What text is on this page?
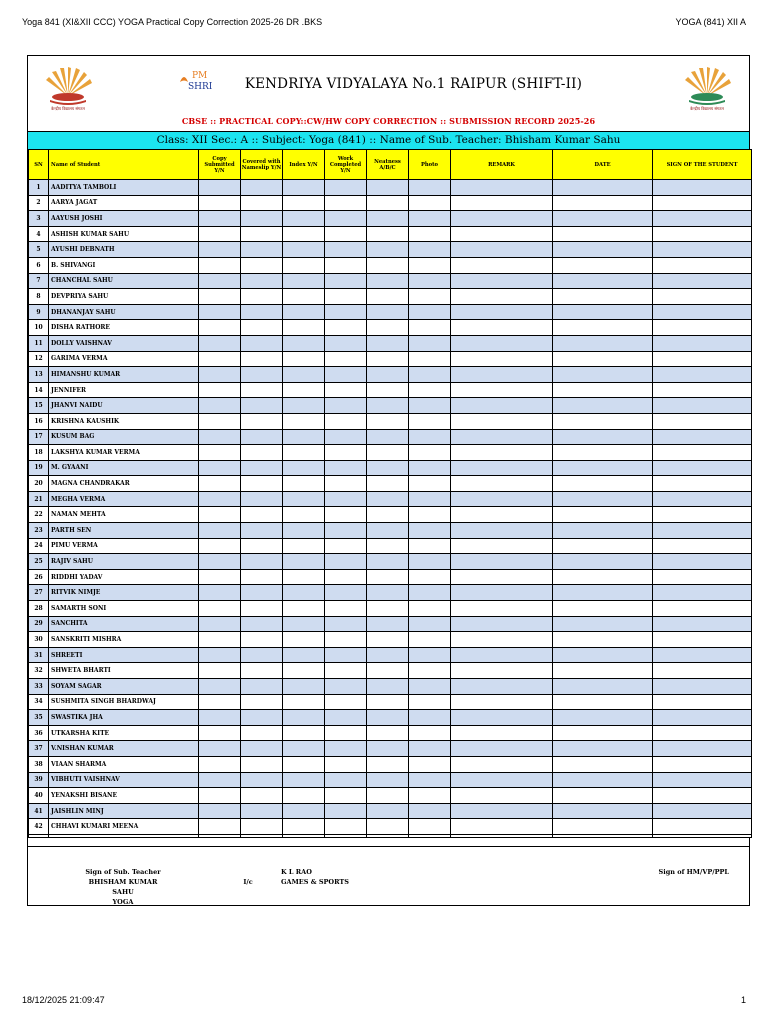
Yoga 841 (XI&XII CCC) YOGA Practical Copy Correction 2025-26 DR .BKS	YOGA (841) XII A
केन्द्रीय विद्यालय संगठन
PM
SHRI	KENDRIYA VIDYALAYA No.1 RAIPUR (SHIFT-II)
केन्द्रीय विद्यालय संगठन
CBSE :: PRACTICAL COPY::CW/HW COPY CORRECTION :: SUBMISSION RECORD 2025-26
Class: XII Sec.: A :: Subject: Yoga (841) :: Name of Sub. Teacher: Bhisham Kumar Sahu
SN	Name of Student	Copy Submitted Y/N	Covered with Nameslip Y/N	Index Y/N	Work Completed Y/N	Neatness A/B/C	Photo	REMARK	DATE	SIGN OF THE STUDENT
1	AADITYA TAMBOLI									
2	AARYA JAGAT									
3	AAYUSH JOSHI									
4	ASHISH KUMAR SAHU									
5	AYUSHI DEBNATH									
6	B. SHIVANGI									
7	CHANCHAL SAHU									
8	DEVPRIYA SAHU									
9	DHANANJAY SAHU									
10	DISHA RATHORE									
11	DOLLY VAISHNAV									
12	GARIMA VERMA									
13	HIMANSHU KUMAR									
14	JENNIFER									
15	JHANVI NAIDU									
16	KRISHNA KAUSHIK									
17	KUSUM BAG									
18	LAKSHYA KUMAR VERMA									
19	M. GYAANI									
20	MAGNA CHANDRAKAR									
21	MEGHA VERMA									
22	NAMAN MEHTA									
23	PARTH SEN									
24	PIMU VERMA									
25	RAJIV SAHU									
26	RIDDHI YADAV									
27	RITVIK NIMJE									
28	SAMARTH SONI									
29	SANCHITA									
30	SANSKRITI MISHRA									
31	SHREETI									
32	SHWETA BHARTI									
33	SOYAM SAGAR									
34	SUSHMITA SINGH BHARDWAJ									
35	SWASTIKA JHA									
36	UTKARSHA KITE									
37	V.NISHAN KUMAR									
38	VIAAN SHARMA									
39	VIBHUTI VAISHNAV									
40	YENAKSHI BISANE									
41	JAISHLIN MINJ									
42	CHHAVI KUMARI MEENA									

Sign of Sub. Teacher
BHISHAM KUMAR SAHU
YOGA
I/c
K L RAO
GAMES & SPORTS
Sign of HM/VP/PPL
18/12/2025 21:09:47	1
